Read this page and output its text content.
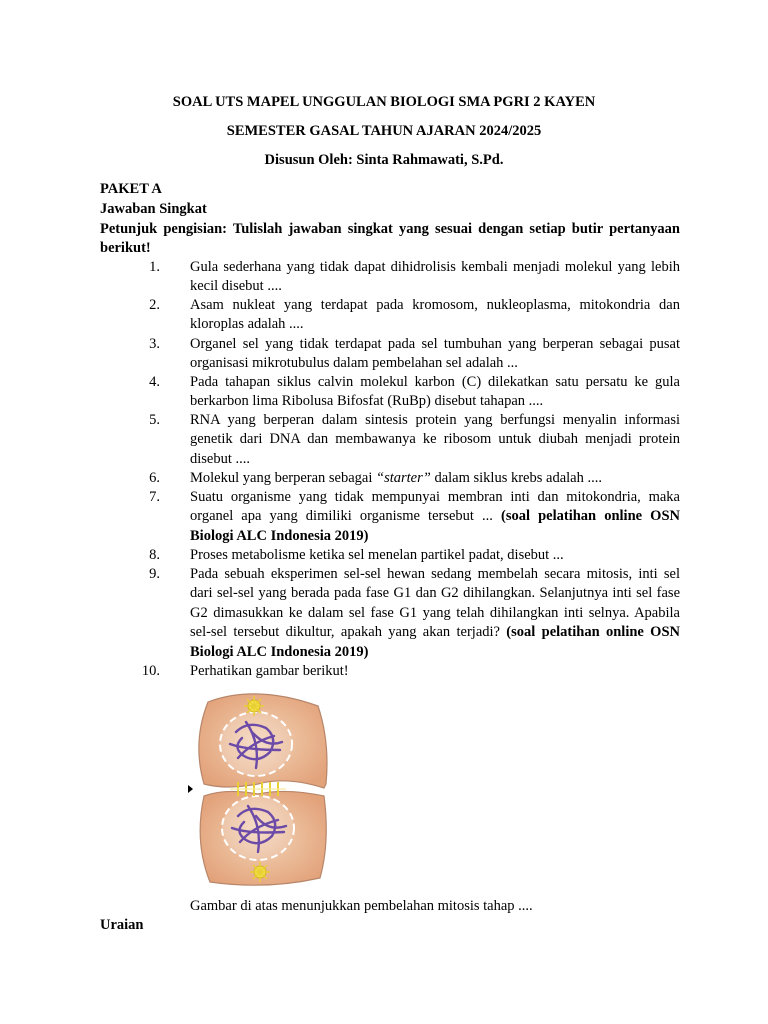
SOAL UTS MAPEL UNGGULAN BIOLOGI SMA PGRI 2 KAYEN
SEMESTER GASAL TAHUN AJARAN 2024/2025
Disusun Oleh: Sinta Rahmawati, S.Pd.
PAKET A
Jawaban Singkat
Petunjuk pengisian: Tulislah jawaban singkat yang sesuai dengan setiap butir pertanyaan berikut!
1. Gula sederhana yang tidak dapat dihidrolisis kembali menjadi molekul yang lebih kecil disebut ....
2. Asam nukleat yang terdapat pada kromosom, nukleoplasma, mitokondria dan kloroplas adalah ....
3. Organel sel yang tidak terdapat pada sel tumbuhan yang berperan sebagai pusat organisasi mikrotubulus dalam pembelahan sel adalah ...
4. Pada tahapan siklus calvin molekul karbon (C) dilekatkan satu persatu ke gula berkarbon lima Ribolusa Bifosfat (RuBp) disebut tahapan ....
5. RNA yang berperan dalam sintesis protein yang berfungsi menyalin informasi genetik dari DNA dan membawanya ke ribosom untuk diubah menjadi protein disebut ....
6. Molekul yang berperan sebagai “starter” dalam siklus krebs adalah ....
7. Suatu organisme yang tidak mempunyai membran inti dan mitokondria, maka organel apa yang dimiliki organisme tersebut ... (soal pelatihan online OSN Biologi ALC Indonesia 2019)
8. Proses metabolisme ketika sel menelan partikel padat, disebut ...
9. Pada sebuah eksperimen sel-sel hewan sedang membelah secara mitosis, inti sel dari sel-sel yang berada pada fase G1 dan G2 dihilangkan. Selanjutnya inti sel fase G2 dimasukkan ke dalam sel fase G1 yang telah dihilangkan inti selnya. Apabila sel-sel tersebut dikultur, apakah yang akan terjadi? (soal pelatihan online OSN Biologi ALC Indonesia 2019)
10. Perhatikan gambar berikut!
Gambar di atas menunjukkan pembelahan mitosis tahap ....
Uraian
